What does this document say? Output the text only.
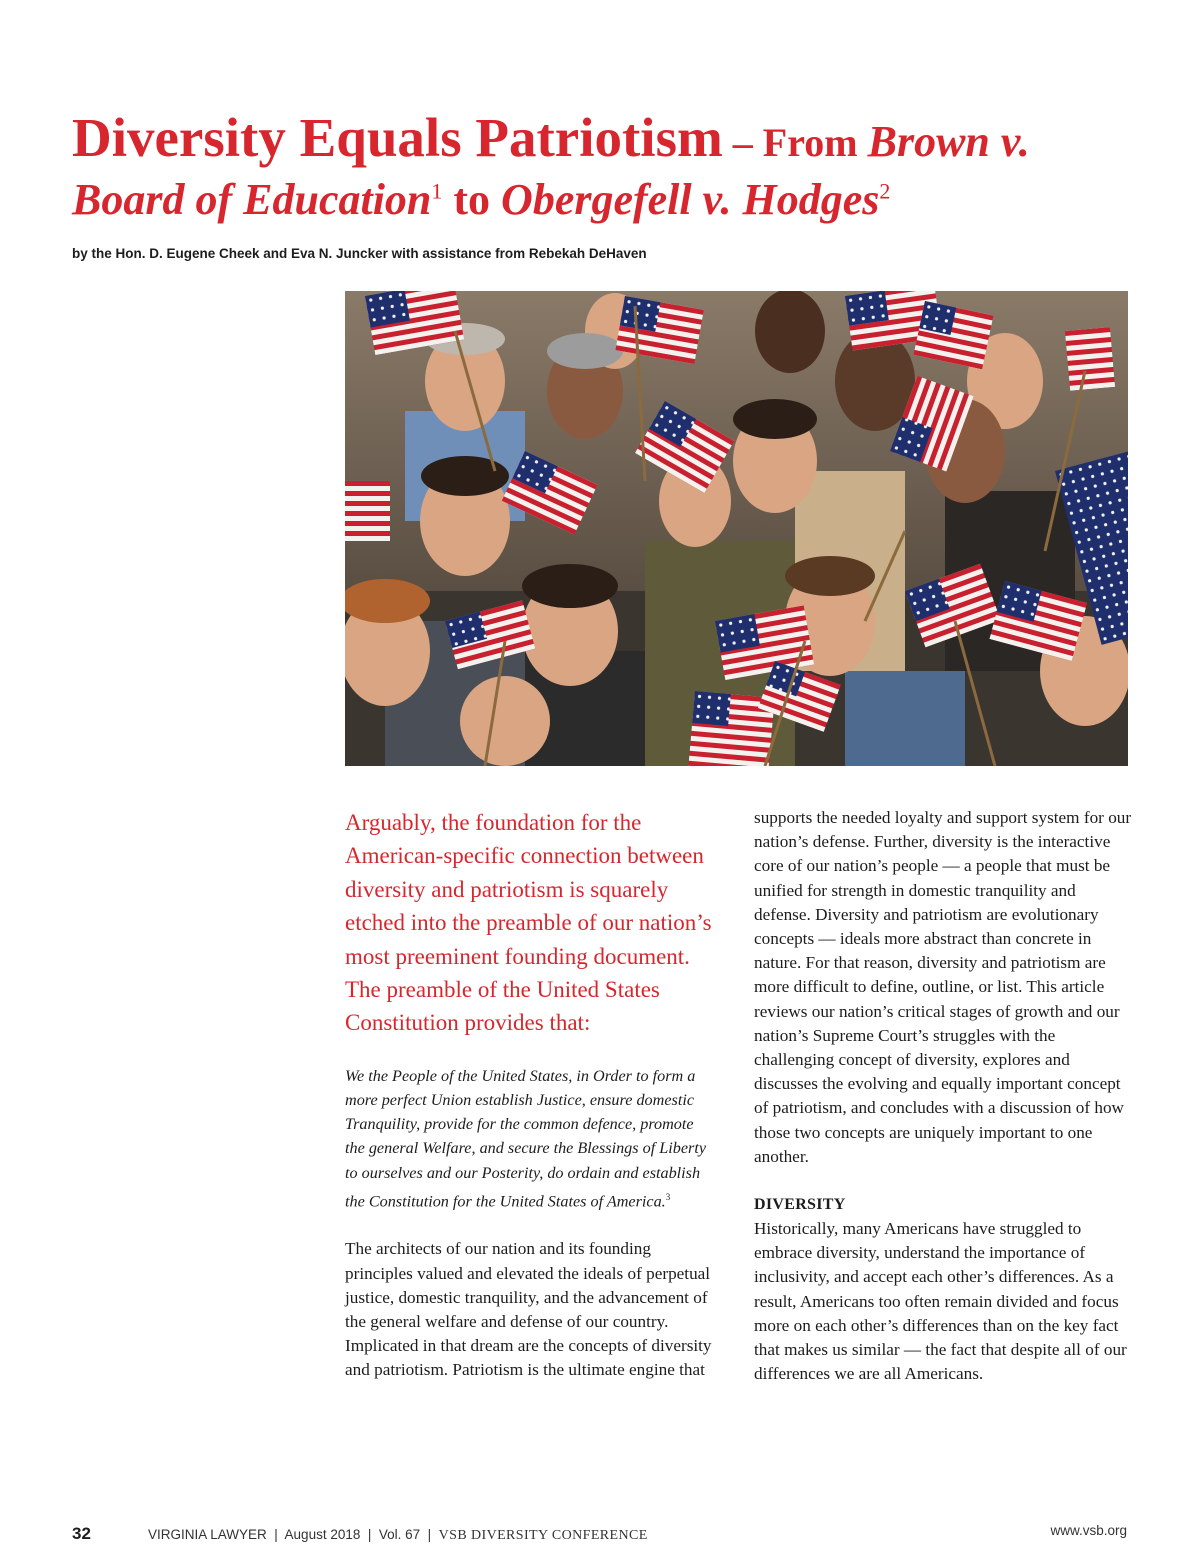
Diversity Equals Patriotism – From Brown v.
Board of Education$^1$ to Obergefell v. Hodges$^2$
by the Hon. D. Eugene Cheek and Eva N. Juncker with assistance from Rebekah DeHaven

Arguably, the foundation for the American-specific connection between diversity and patriotism is squarely etched into the preamble of our nation’s most preeminent founding document. The preamble of the United States Constitution provides that:

We the People of the United States, in Order to form a more perfect Union establish Justice, ensure domestic Tranquility, provide for the common defence, promote the general Welfare, and secure the Blessings of Liberty to ourselves and our Posterity, do ordain and establish the Constitution for the United States of America.$^3$

The architects of our nation and its founding principles valued and elevated the ideals of perpetual justice, domestic tranquility, and the advancement of the general welfare and defense of our country. Implicated in that dream are the concepts of diversity and patriotism. Patriotism is the ultimate engine that

supports the needed loyalty and support system for our nation’s defense. Further, diversity is the interactive core of our nation’s people — a people that must be unified for strength in domestic tranquility and defense. Diversity and patriotism are evolutionary concepts — ideals more abstract than concrete in nature. For that reason, diversity and patriotism are more difficult to define, outline, or list. This article reviews our nation’s critical stages of growth and our nation’s Supreme Court’s struggles with the challenging concept of diversity, explores and discusses the evolving and equally important concept of patriotism, and concludes with a discussion of how those two concepts are uniquely important to one another.

DIVERSITY

Historically, many Americans have struggled to embrace diversity, understand the importance of inclusivity, and accept each other’s differences. As a result, Americans too often remain divided and focus more on each other’s differences than on the key fact that makes us similar — the fact that despite all of our differences we are all Americans.

32	VIRGINIA LAWYER  |  August 2018  |  Vol. 67  |  VSB DIVERSITY CONFERENCE	www.vsb.org
